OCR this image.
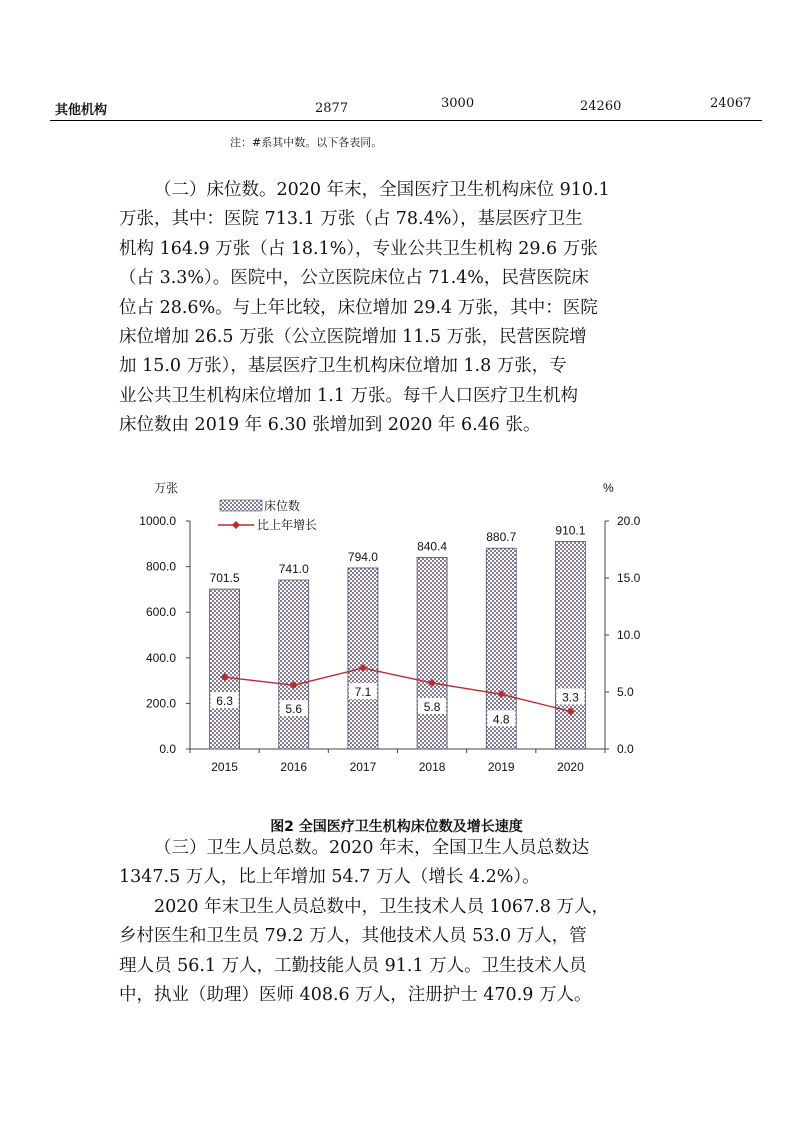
其他机构	2877	3000	24260	24067
注：#系其中数。以下各表同。
（二）床位数。2020 年末，全国医疗卫生机构床位 910.1
万张，其中：医院 713.1 万张（占 78.4%），基层医疗卫生
机构 164.9 万张（占 18.1%），专业公共卫生机构 29.6 万张
（占 3.3%）。医院中，公立医院床位占 71.4%，民营医院床
位占 28.6%。与上年比较，床位增加 29.4 万张，其中：医院
床位增加 26.5 万张（公立医院增加 11.5 万张，民营医院增
加 15.0 万张），基层医疗卫生机构床位增加 1.8 万张，专
业公共卫生机构床位增加 1.1 万张。每千人口医疗卫生机构
床位数由 2019 年 6.30 张增加到 2020 年 6.46 张。
0.0
200.0
400.0
600.0
800.0
1000.0
0.0
5.0
10.0
15.0
20.0
万张	%
701.5
2015
741.0
2016
794.0
2017
840.4
2018
880.7
2019
910.1
2020
6.3
5.6
7.1
5.8
4.8
3.3
床位数
比上年增长
图2 全国医疗卫生机构床位数及增长速度
（三）卫生人员总数。2020 年末，全国卫生人员总数达
1347.5 万人，比上年增加 54.7 万人（增长 4.2%）。
2020 年末卫生人员总数中，卫生技术人员 1067.8 万人，
乡村医生和卫生员 79.2 万人，其他技术人员 53.0 万人，管
理人员 56.1 万人，工勤技能人员 91.1 万人。卫生技术人员
中，执业（助理）医师 408.6 万人，注册护士 470.9 万人。
